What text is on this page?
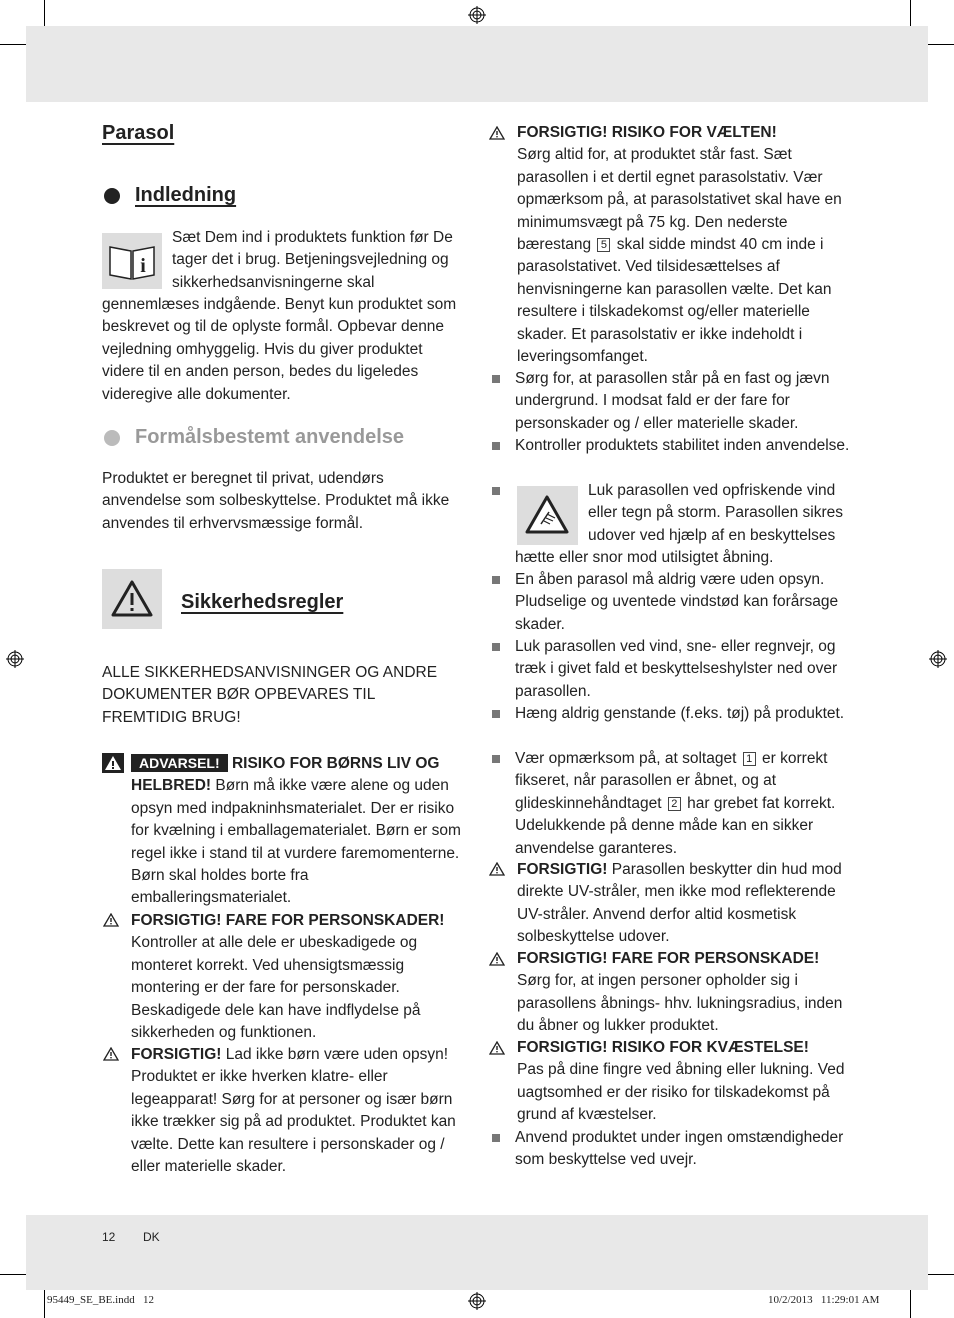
Parasol
Indledning
i

Sæt Dem ind i produktets funktion før De tager det i brug. Betjeningsvejledning og sikkerhedsanvisningerne skal

gennemlæses indgående. Benyt kun produktet som beskrevet og til de oplyste formål. Opbevar denne vejledning omhyggelig. Hvis du giver produktet videre til en anden person, bedes du ligeledes videregive alle dokumenter.

Formålsbestemt anvendelse

Produktet er beregnet til privat, udendørs anvendelse som solbeskyttelse. Produktet må ikke anvendes til erhvervsmæssige formål.

Sikkerhedsregler

ALLE SIKKERHEDSANVISNINGER OG ANDRE DOKUMENTER BØR OPBEVARES TIL FREMTIDIG BRUG!

ADVARSEL! RISIKO FOR BØRNS LIV OG HELBRED! Børn må ikke være alene og uden opsyn med indpakninhsmaterialet. Der er risiko for kvælning i emballagematerialet. Børn er som regel ikke i stand til at vurdere faremomenterne. Børn skal holdes borte fra emballeringsmaterialet.

FORSIGTIG! FARE FOR PERSONSKADER! Kontroller at alle dele er ubeskadigede og monteret korrekt. Ved uhensigtsmæssig montering er der fare for personskader. Beskadigede dele kan have indflydelse på sikkerheden og funktionen.

FORSIGTIG! Lad ikke børn være uden opsyn! Produktet er ikke hverken klatre- eller legeapparat! Sørg for at personer og især børn ikke trækker sig på ad produktet. Produktet kan vælte. Dette kan resultere i personskader og / eller materielle skader.

FORSIGTIG! RISIKO FOR VÆLTEN!
Sørg altid for, at produktet står fast. Sæt parasollen i et dertil egnet parasolstativ. Vær opmærksom på, at parasolstativet skal have en minimumsvægt på 75 kg. Den nederste bærestang 5 skal sidde mindst 40 cm inde i parasolstativet. Ved tilsidesættelses af henvisningerne kan parasollen vælte. Det kan resultere i tilskadekomst og/eller materielle skader. Et parasolstativ er ikke indeholdt i leveringsomfanget.

Sørg for, at parasollen står på en fast og jævn undergrund. I modsat fald er der fare for personskader og / eller materielle skader.

Kontroller produktets stabilitet inden anvendelse.

Luk parasollen ved opfriskende vind eller tegn på storm. Parasollen sikres udover ved hjælp af en beskyttelses

hætte eller snor mod utilsigtet åbning.

En åben parasol må aldrig være uden opsyn. Pludselige og uventede vindstød kan forårsage skader.

Luk parasollen ved vind, sne- eller regnvejr, og træk i givet fald et beskyttelseshylster ned over parasollen.

Hæng aldrig genstande (f.eks. tøj) på produktet.

Vær opmærksom på, at soltaget 1 er korrekt fikseret, når parasollen er åbnet, og at glideskinnehåndtaget 2 har grebet fat korrekt. Udelukkende på denne måde kan en sikker anvendelse garanteres.

FORSIGTIG! Parasollen beskytter din hud mod direkte UV-stråler, men ikke mod reflekterende UV-stråler. Anvend derfor altid kosmetisk solbeskyttelse udover.

FORSIGTIG! FARE FOR PERSONSKADE!
Sørg for, at ingen personer opholder sig i parasollens åbnings- hhv. lukningsradius, inden du åbner og lukker produktet.

FORSIGTIG! RISIKO FOR KVÆSTELSE!
Pas på dine fingre ved åbning eller lukning. Ved uagtsomhed er der risiko for tilskadekomst på grund af kvæstelser.

Anvend produktet under ingen omstændigheder som beskyttelse ved uvejr.

12 DK
95449_SE_BE.indd   12	10/2/2013   11:29:01 AM
